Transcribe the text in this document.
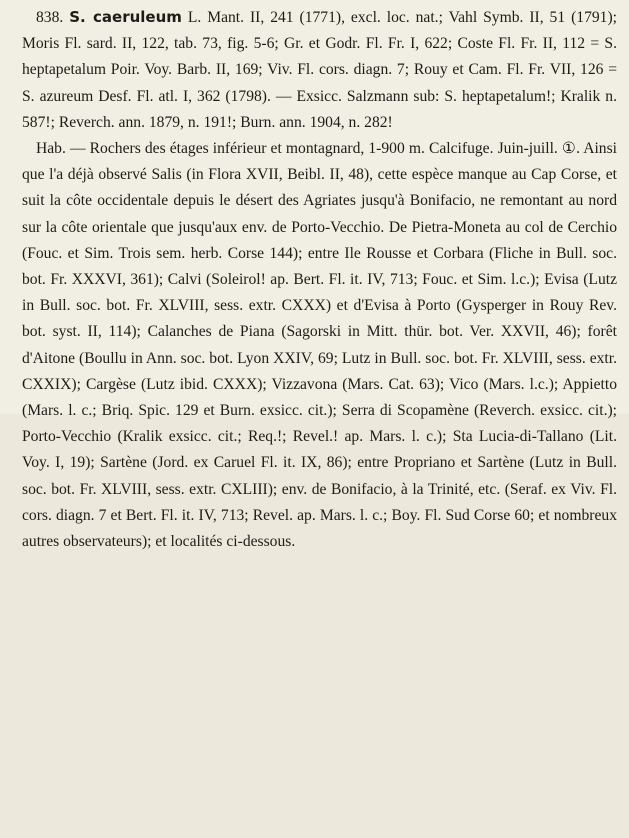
838. S. caeruleum L. Mant. II, 241 (1771), excl. loc. nat.; Vahl Symb. II, 51 (1791); Moris Fl. sard. II, 122, tab. 73, fig. 5-6; Gr. et Godr. Fl. Fr. I, 622; Coste Fl. Fr. II, 112 = S. heptapetalum Poir. Voy. Barb. II, 169; Viv. Fl. cors. diagn. 7; Rouy et Cam. Fl. Fr. VII, 126 = S. azureum Desf. Fl. atl. I, 362 (1798). — Exsicc. Salzmann sub: S. heptapetalum!; Kralik n. 587!; Reverch. ann. 1879, n. 191!; Burn. ann. 1904, n. 282!

Hab. — Rochers des étages inférieur et montagnard, 1-900 m. Calcifuge. Juin-juill. ①. Ainsi que l'a déjà observé Salis (in Flora XVII, Beibl. II, 48), cette espèce manque au Cap Corse, et suit la côte occidentale depuis le désert des Agriates jusqu'à Bonifacio, ne remontant au nord sur la côte orientale que jusqu'aux env. de Porto-Vecchio. De Pietra-Moneta au col de Cerchio (Fouc. et Sim. Trois sem. herb. Corse 144); entre Ile Rousse et Corbara (Fliche in Bull. soc. bot. Fr. XXXVI, 361); Calvi (Soleirol! ap. Bert. Fl. it. IV, 713; Fouc. et Sim. l.c.); Evisa (Lutz in Bull. soc. bot. Fr. XLVIII, sess. extr. CXXX) et d'Evisa à Porto (Gysperger in Rouy Rev. bot. syst. II, 114); Calanches de Piana (Sagorski in Mitt. thür. bot. Ver. XXVII, 46); forêt d'Aitone (Boullu in Ann. soc. bot. Lyon XXIV, 69; Lutz in Bull. soc. bot. Fr. XLVIII, sess. extr. CXXIX); Cargèse (Lutz ibid. CXXX); Vizzavona (Mars. Cat. 63); Vico (Mars. l.c.); Appietto (Mars. l. c.; Briq. Spic. 129 et Burn. exsicc. cit.); Serra di Scopamène (Reverch. exsicc. cit.); Porto-Vecchio (Kralik exsicc. cit.; Req.!; Revel.! ap. Mars. l. c.); Sta Lucia-di-Tallano (Lit. Voy. I, 19); Sartène (Jord. ex Caruel Fl. it. IX, 86); entre Propriano et Sartène (Lutz in Bull. soc. bot. Fr. XLVIII, sess. extr. CXLIII); env. de Bonifacio, à la Trinité, etc. (Seraf. ex Viv. Fl. cors. diagn. 7 et Bert. Fl. it. IV, 713; Revel. ap. Mars. l. c.; Boy. Fl. Sud Corse 60; et nombreux autres observateurs); et localités ci-dessous.
